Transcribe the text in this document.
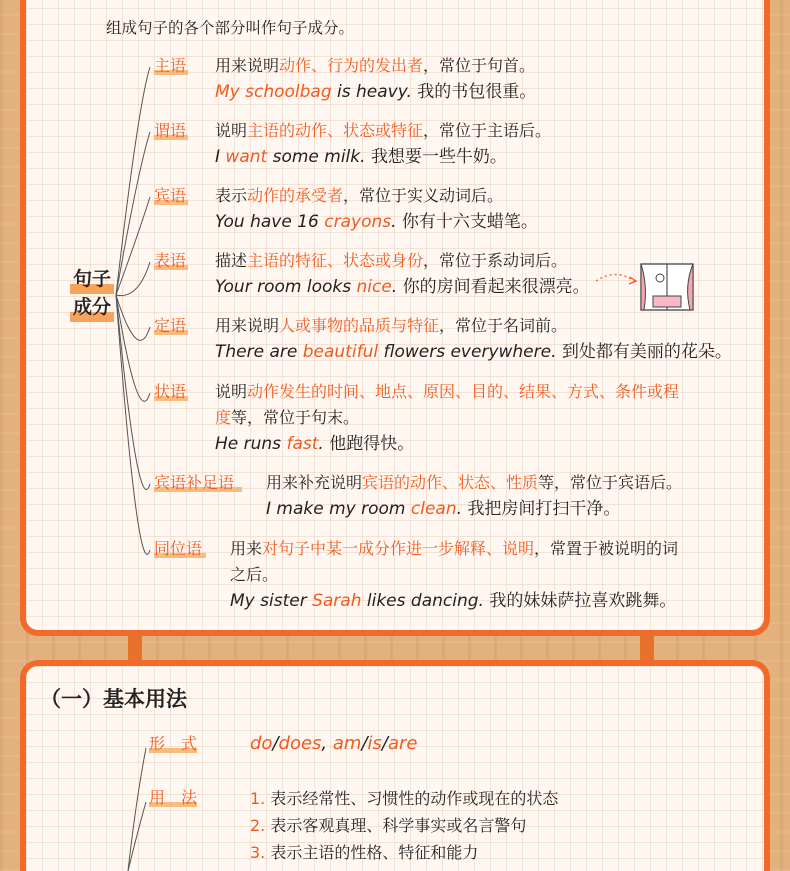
组成句子的各个部分叫作句子成分。
句子
成分
主语 用来说明动作、行为的发出者，常位于句首。
My schoolbag is heavy. 我的书包很重。
谓语 说明主语的动作、状态或特征，常位于主语后。
I want some milk. 我想要一些牛奶。
宾语 表示动作的承受者，常位于实义动词后。
You have 16 crayons. 你有十六支蜡笔。
表语 描述主语的特征、状态或身份，常位于系动词后。
Your room looks nice. 你的房间看起来很漂亮。
定语 用来说明人或事物的品质与特征，常位于名词前。
There are beautiful flowers everywhere. 到处都有美丽的花朵。
状语 说明动作发生的时间、地点、原因、目的、结果、方式、条件或程
度等，常位于句末。
He runs fast. 他跑得快。
宾语补足语 用来补充说明宾语的动作、状态、性质等，常位于宾语后。
I make my room clean. 我把房间打扫干净。
同位语 用来对句子中某一成分作进一步解释、说明，常置于被说明的词
之后。
My sister Sarah likes dancing. 我的妹妹萨拉喜欢跳舞。
（一）基本用法
形　式	do/does, am/is/are
用　法	1. 表示经常性、习惯性的动作或现在的状态
2. 表示客观真理、科学事实或名言警句
3. 表示主语的性格、特征和能力
